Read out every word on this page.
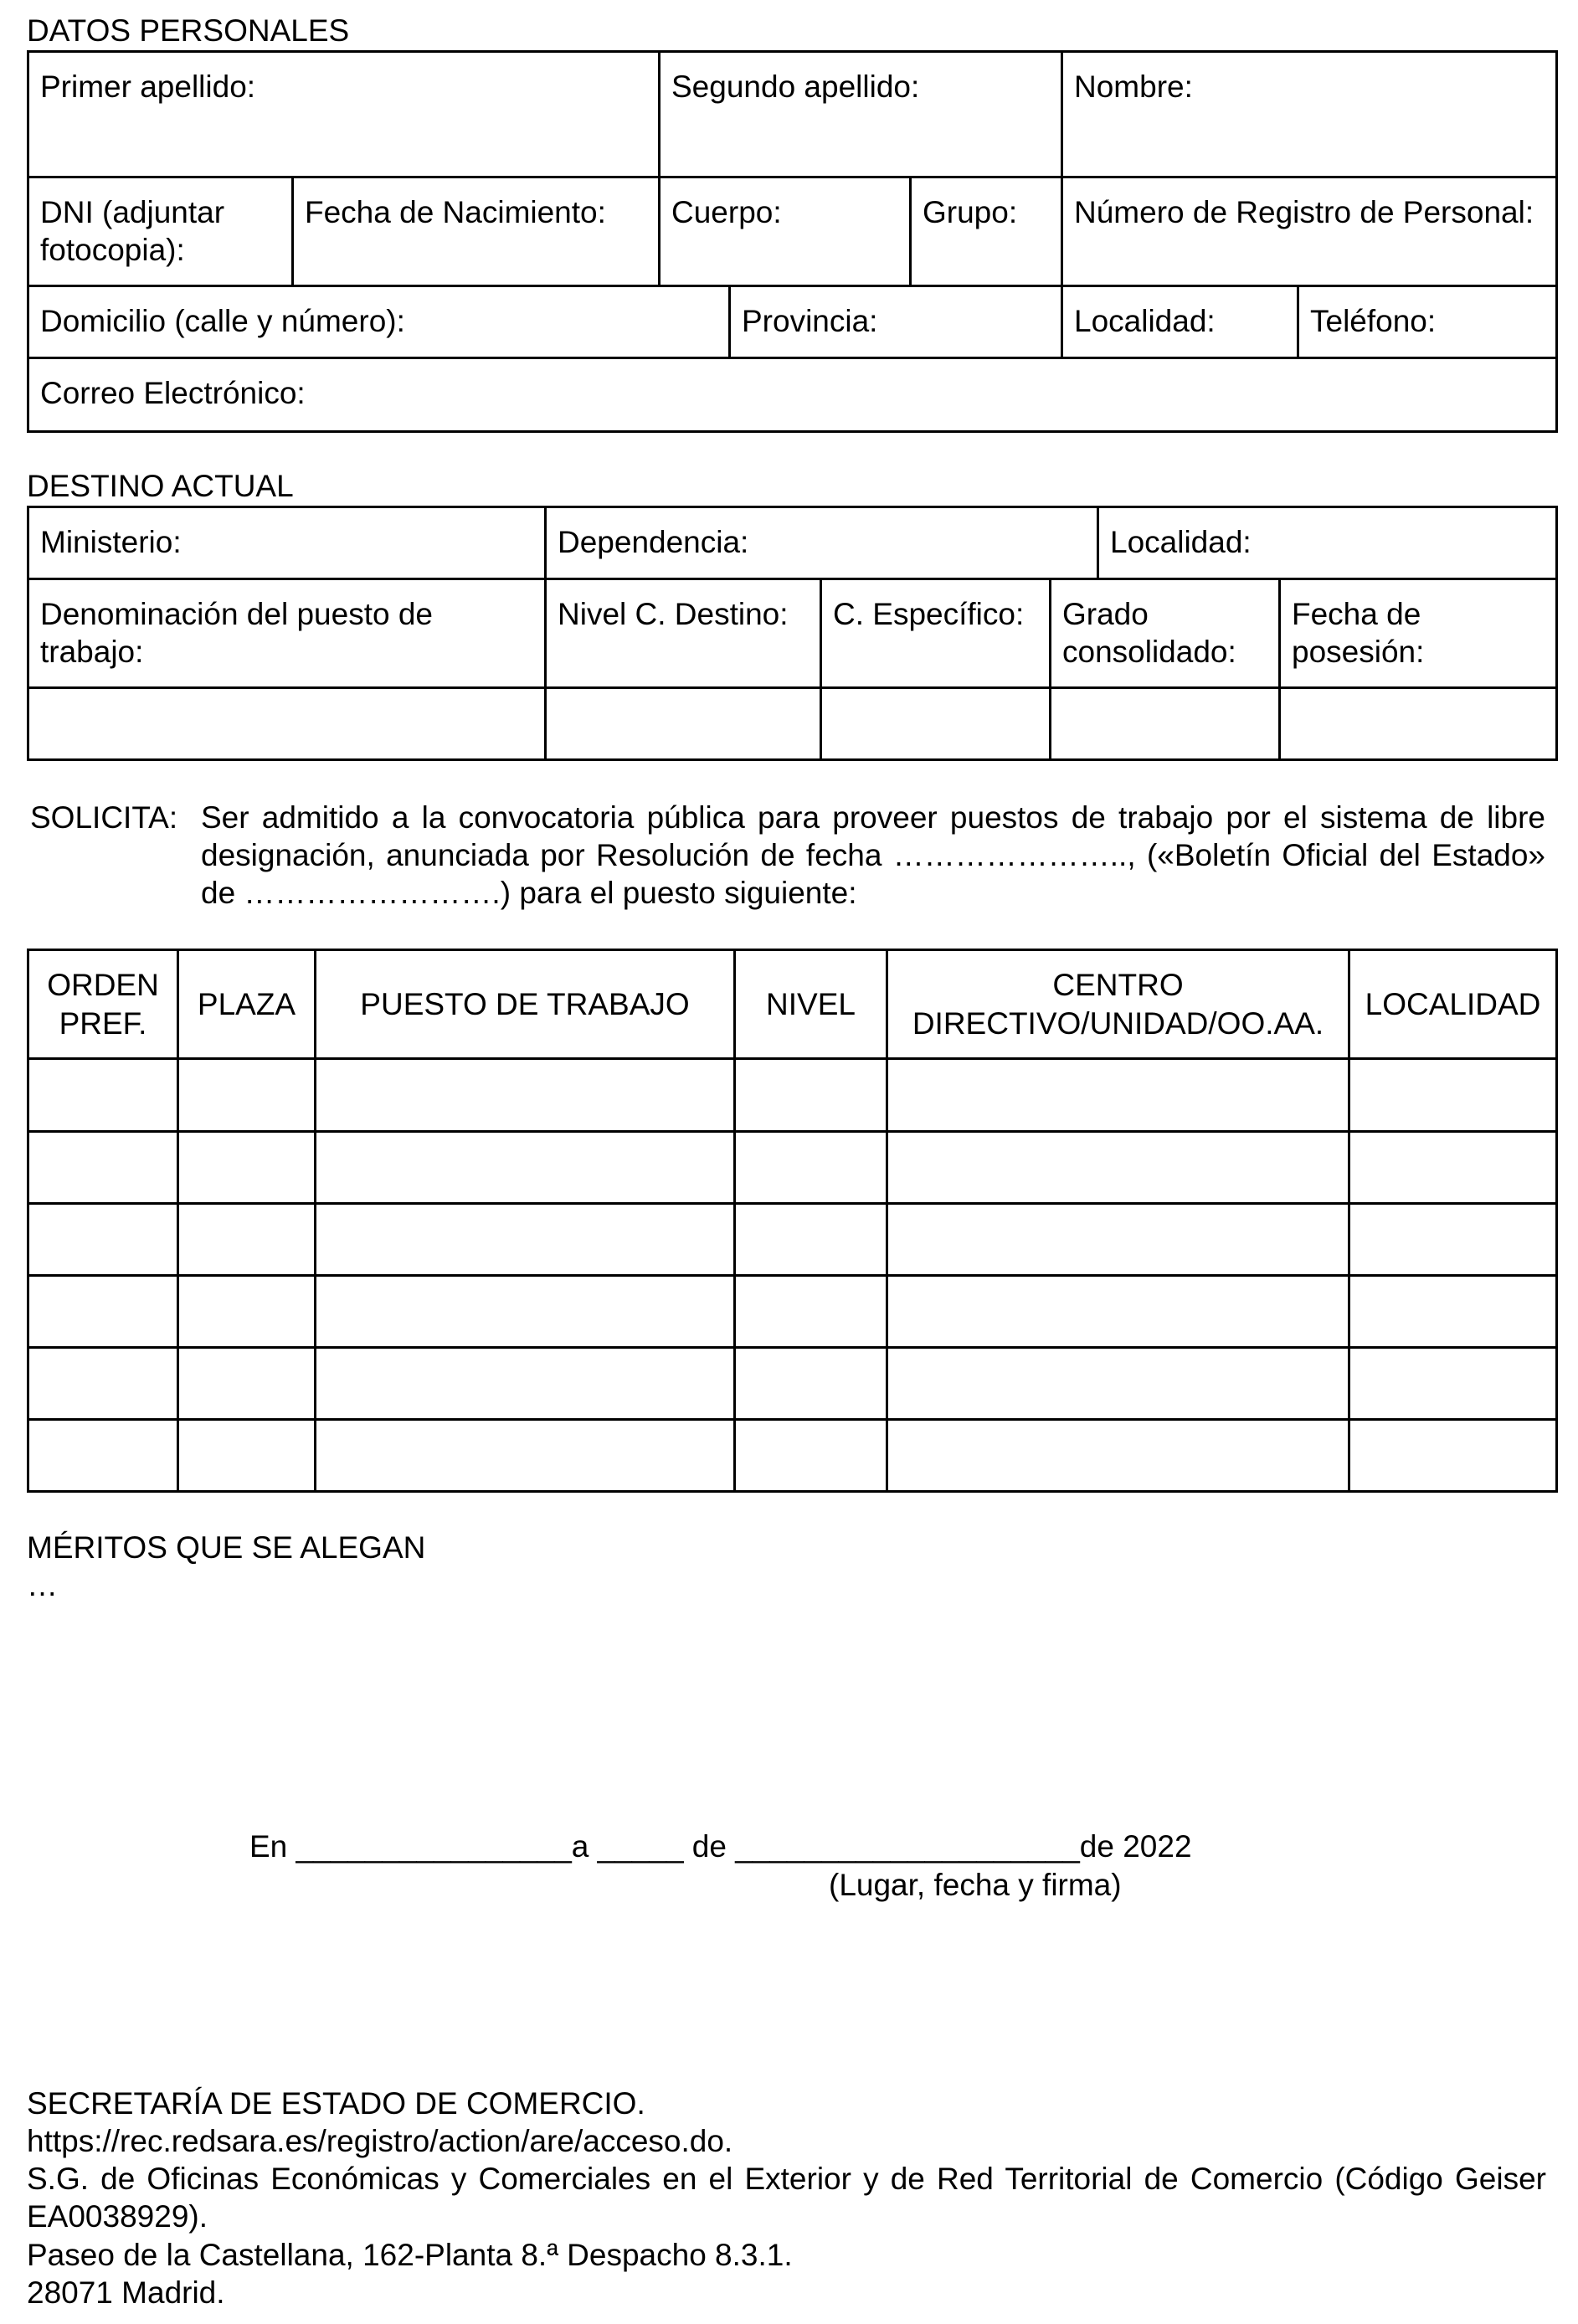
DATOS PERSONALES
Primer apellido:		Segundo apellido:			Nombre:	
DNI (adjuntar fotocopia):	Fecha de Nacimiento:	Cuerpo:		Grupo:	Número de Registro de Personal:	
Domicilio (calle y número):			Provincia:		Localidad:	Teléfono:
Correo Electrónico:						
DESTINO ACTUAL
Ministerio:	Dependencia:			Localidad:	
Denominación del puesto de trabajo:	Nivel C. Destino:	C. Específico:	Grado consolidado:		Fecha de posesión:

SOLICITA: Ser admitido a la convocatoria pública para proveer puestos de trabajo por el sistema de libre designación, anunciada por Resolución de fecha ………………….., («Boletín Oficial del Estado» de …………………….) para el puesto siguiente:
ORDEN PREF.	PLAZA	PUESTO DE TRABAJO	NIVEL	CENTRO DIRECTIVO/UNIDAD/OO.AA.	LOCALIDAD

MÉRITOS QUE SE ALEGAN
…
En ________________a _____ de ____________________de 2022
(Lugar, fecha y firma)
SECRETARÍA DE ESTADO DE COMERCIO.
https://rec.redsara.es/registro/action/are/acceso.do.
S.G. de Oficinas Económicas y Comerciales en el Exterior y de Red Territorial de Comercio (Código Geiser EA0038929).
Paseo de la Castellana, 162-Planta 8.ª Despacho 8.3.1.
28071 Madrid.
